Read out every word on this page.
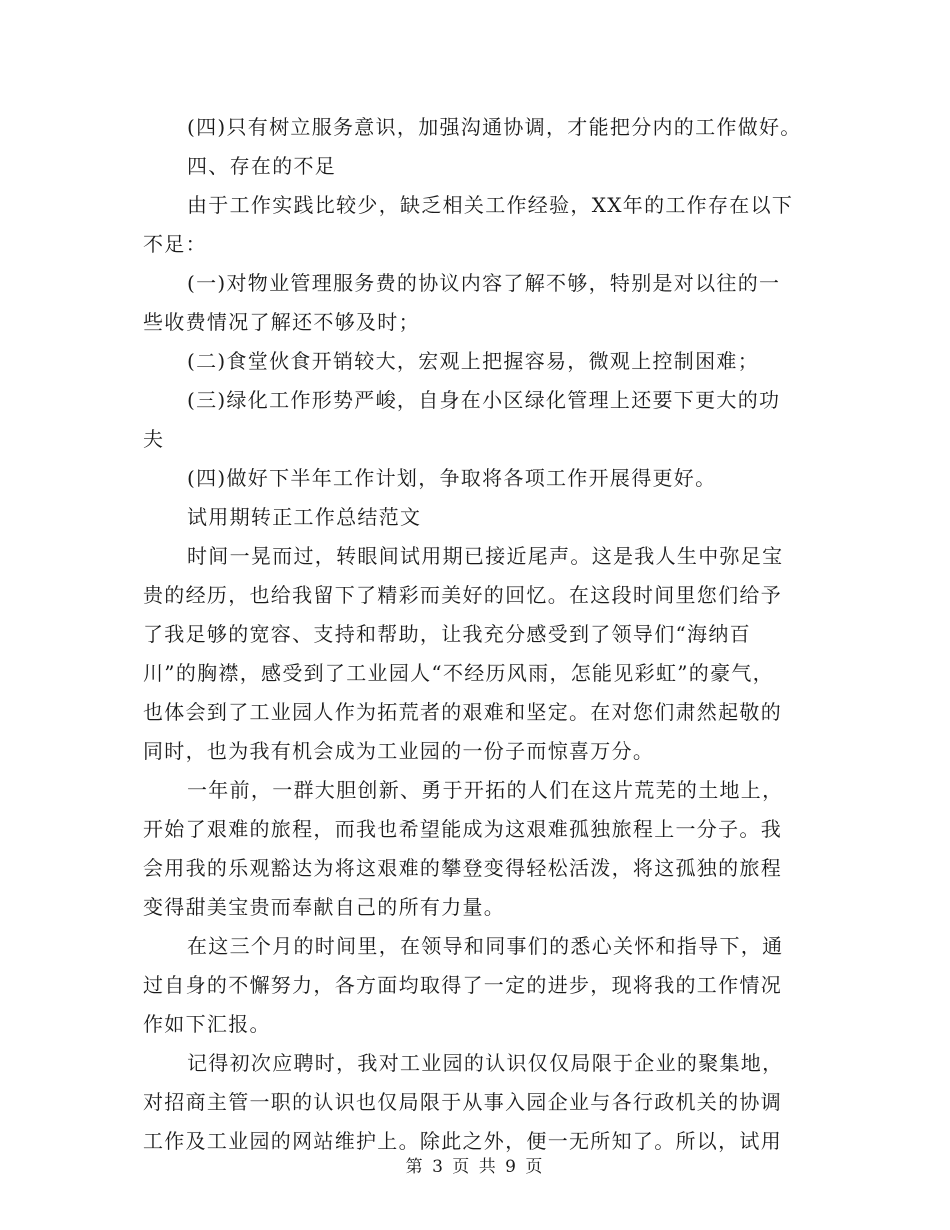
(四)只有树立服务意识，加强沟通协调，才能把分内的工作做好。
四、存在的不足
由于工作实践比较少，缺乏相关工作经验，XX年的工作存在以下
不足：
(一)对物业管理服务费的协议内容了解不够，特别是对以往的一
些收费情况了解还不够及时；
(二)食堂伙食开销较大，宏观上把握容易，微观上控制困难；
(三)绿化工作形势严峻，自身在小区绿化管理上还要下更大的功
夫
(四)做好下半年工作计划，争取将各项工作开展得更好。
试用期转正工作总结范文
时间一晃而过，转眼间试用期已接近尾声。这是我人生中弥足宝
贵的经历，也给我留下了精彩而美好的回忆。在这段时间里您们给予
了我足够的宽容、支持和帮助，让我充分感受到了领导们“海纳百
川”的胸襟，感受到了工业园人“不经历风雨，怎能见彩虹”的豪气，
也体会到了工业园人作为拓荒者的艰难和坚定。在对您们肃然起敬的
同时，也为我有机会成为工业园的一份子而惊喜万分。
一年前，一群大胆创新、勇于开拓的人们在这片荒芜的土地上，
开始了艰难的旅程，而我也希望能成为这艰难孤独旅程上一分子。我
会用我的乐观豁达为将这艰难的攀登变得轻松活泼，将这孤独的旅程
变得甜美宝贵而奉献自己的所有力量。
在这三个月的时间里，在领导和同事们的悉心关怀和指导下，通
过自身的不懈努力，各方面均取得了一定的进步，现将我的工作情况
作如下汇报。
记得初次应聘时，我对工业园的认识仅仅局限于企业的聚集地，
对招商主管一职的认识也仅局限于从事入园企业与各行政机关的协调
工作及工业园的网站维护上。除此之外，便一无所知了。所以，试用
第 3 页 共 9 页
